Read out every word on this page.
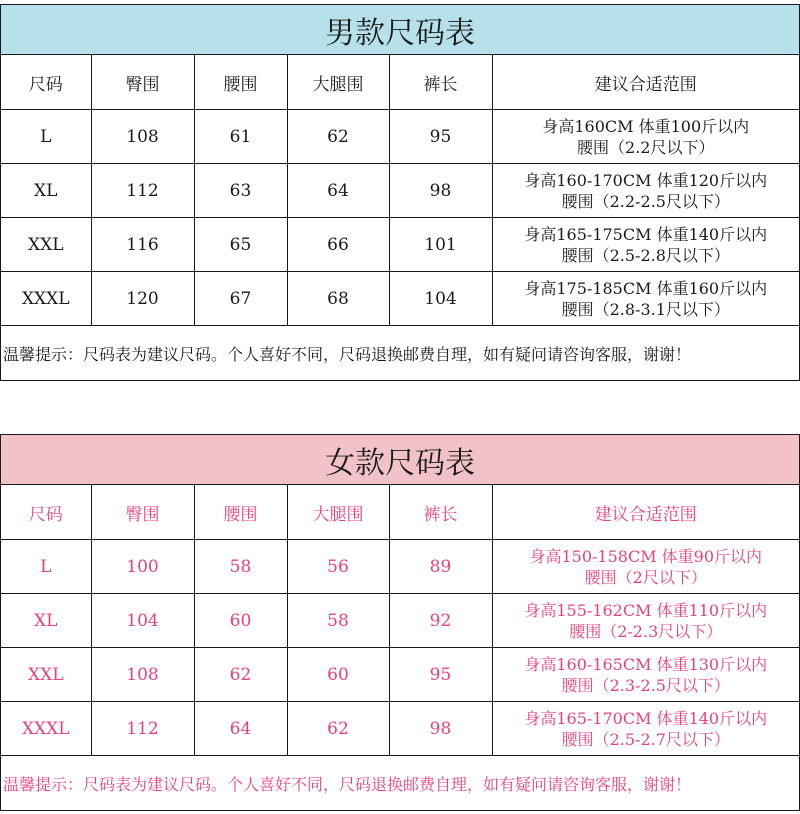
男款尺码表
尺码	臀围	腰围	大腿围	裤长	建议合适范围
L	108	61	62	95	身高160CM 体重100斤以内
腰围（2.2尺以下）

XL	112	63	64	98	身高160-170CM 体重120斤以内
腰围（2.2-2.5尺以下）

XXL	116	65	66	101	身高165-175CM 体重140斤以内
腰围（2.5-2.8尺以下）

XXXL	120	67	68	104	身高175-185CM 体重160斤以内
腰围（2.8-3.1尺以下）
温馨提示：尺码表为建议尺码。个人喜好不同，尺码退换邮费自理，如有疑问请咨询客服，谢谢！
女款尺码表
尺码	臀围	腰围	大腿围	裤长	建议合适范围
L	100	58	56	89	身高150-158CM 体重90斤以内
腰围（2尺以下）

XL	104	60	58	92	身高155-162CM 体重110斤以内
腰围（2-2.3尺以下）

XXL	108	62	60	95	身高160-165CM 体重130斤以内
腰围（2.3-2.5尺以下）

XXXL	112	64	62	98	身高165-170CM 体重140斤以内
腰围（2.5-2.7尺以下）
温馨提示：尺码表为建议尺码。个人喜好不同，尺码退换邮费自理，如有疑问请咨询客服，谢谢！
